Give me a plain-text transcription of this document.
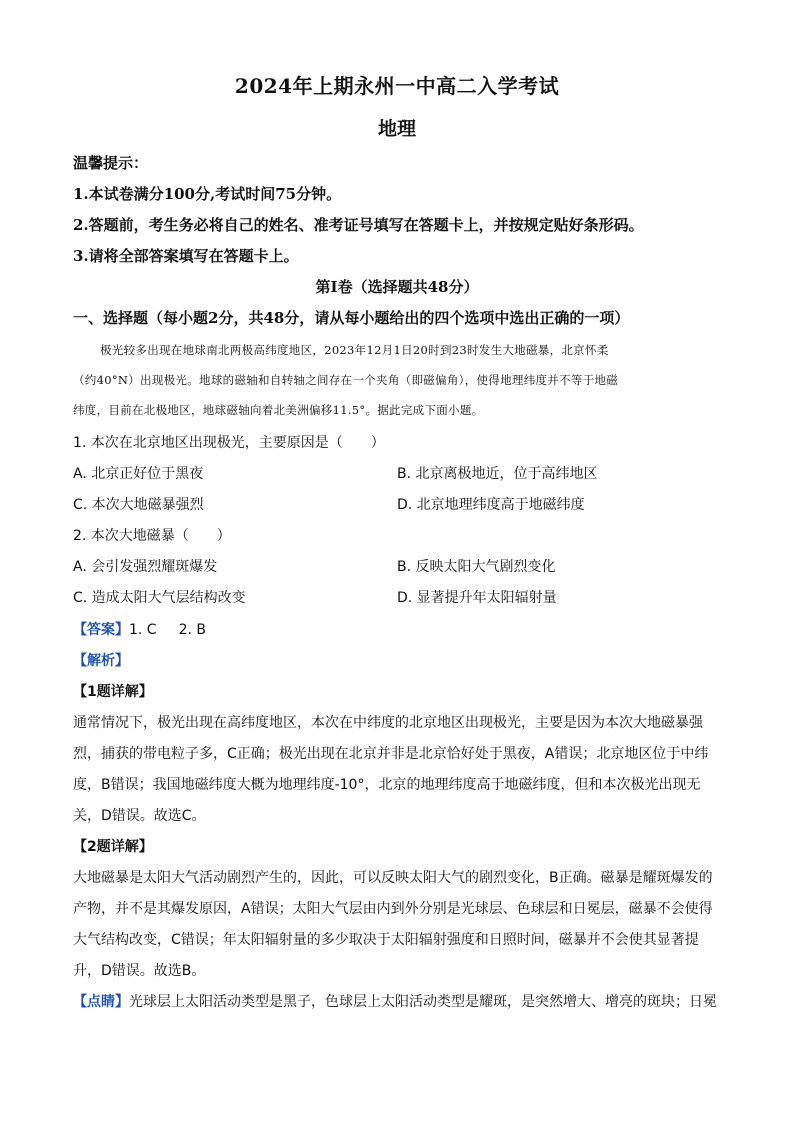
2024年上期永州一中高二入学考试
地理
温馨提示：
1.本试卷满分100分,考试时间75分钟。
2.答题前，考生务必将自己的姓名、准考证号填写在答题卡上，并按规定贴好条形码。
3.请将全部答案填写在答题卡上。
第Ⅰ卷（选择题共48分）
一、选择题（每小题2分，共48分，请从每小题给出的四个选项中选出正确的一项）
极光较多出现在地球南北两极高纬度地区，2023年12月1日20时到23时发生大地磁暴，北京怀柔
（约40°N）出现极光。地球的磁轴和自转轴之间存在一个夹角（即磁偏角），使得地理纬度并不等于地磁
纬度，目前在北极地区，地球磁轴向着北美洲偏移11.5°。据此完成下面小题。
1. 本次在北京地区出现极光，主要原因是（　　）
A. 北京正好位于黑夜	B. 北京离极地近，位于高纬地区
C. 本次大地磁暴强烈	D. 北京地理纬度高于地磁纬度
2. 本次大地磁暴（　　）
A. 会引发强烈耀斑爆发	B. 反映太阳大气剧烈变化
C. 造成太阳大气层结构改变	D. 显著提升年太阳辐射量
【答案】1. C 2. B
【解析】
【1题详解】
通常情况下，极光出现在高纬度地区，本次在中纬度的北京地区出现极光，主要是因为本次大地磁暴强
烈，捕获的带电粒子多，C正确；极光出现在北京并非是北京恰好处于黑夜，A错误；北京地区位于中纬
度，B错误；我国地磁纬度大概为地理纬度-10°，北京的地理纬度高于地磁纬度，但和本次极光出现无
关，D错误。故选C。
【2题详解】
大地磁暴是太阳大气活动剧烈产生的，因此，可以反映太阳大气的剧烈变化，B正确。磁暴是耀斑爆发的
产物，并不是其爆发原因，A错误；太阳大气层由内到外分别是光球层、色球层和日冕层，磁暴不会使得
大气结构改变，C错误；年太阳辐射量的多少取决于太阳辐射强度和日照时间，磁暴并不会使其显著提
升，D错误。故选B。
【点睛】光球层上太阳活动类型是黑子，色球层上太阳活动类型是耀斑，是突然增大、增亮的斑块；日冕
